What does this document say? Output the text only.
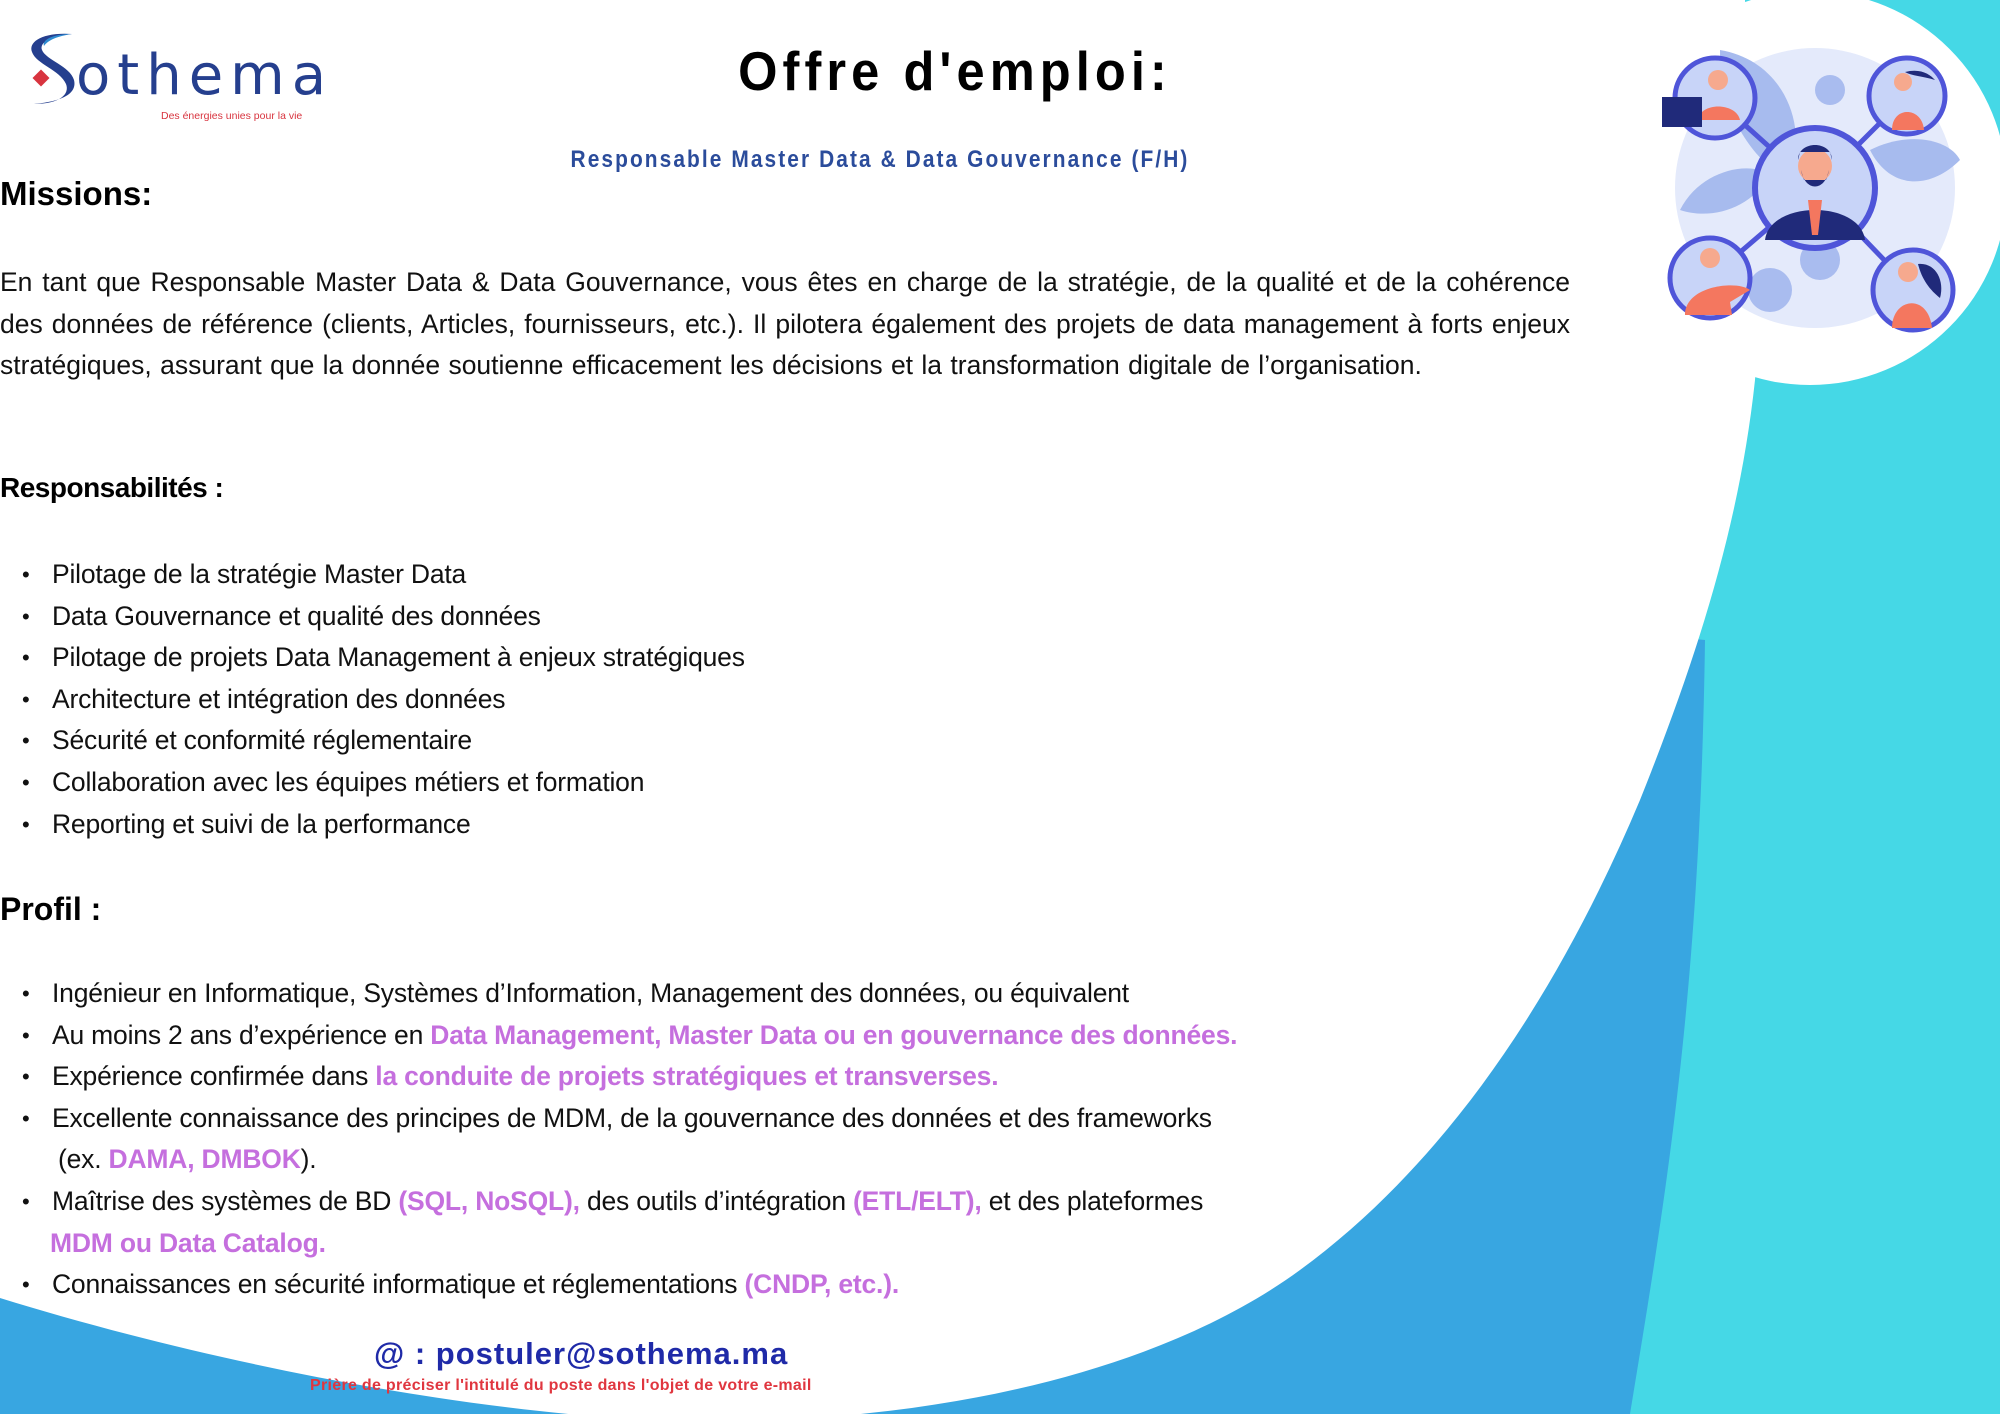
othema
Des énergies unies pour la vie
Offre d'emploi:
Responsable Master Data & Data Gouvernance (F/H)
Missions:
En tant que Responsable Master Data & Data Gouvernance, vous êtes en charge de la stratégie, de la qualité et de la cohérence des données de référence (clients, Articles, fournisseurs, etc.). Il pilotera également des projets de data management à forts enjeux stratégiques, assurant que la donnée soutienne efficacement les décisions et la transformation digitale de l’organisation.
Responsabilités :
• Pilotage de la stratégie Master Data
• Data Gouvernance et qualité des données
• Pilotage de projets Data Management à enjeux stratégiques
• Architecture et intégration des données
• Sécurité et conformité réglementaire
• Collaboration avec les équipes métiers et formation
• Reporting et suivi de la performance
Profil :
• Ingénieur en Informatique, Systèmes d’Information, Management des données, ou équivalent
• Au moins 2 ans d’expérience en Data Management, Master Data ou en gouvernance des données.
• Expérience confirmée dans la conduite de projets stratégiques et transverses.
• Excellente connaissance des principes de MDM, de la gouvernance des données et des frameworks
(ex. DAMA, DMBOK).
• Maîtrise des systèmes de BD (SQL, NoSQL), des outils d’intégration (ETL/ELT), et des plateformes
MDM ou Data Catalog.
• Connaissances en sécurité informatique et réglementations (CNDP, etc.).
@ : postuler@sothema.ma
Prière de préciser l'intitulé du poste dans l'objet de votre e-mail
